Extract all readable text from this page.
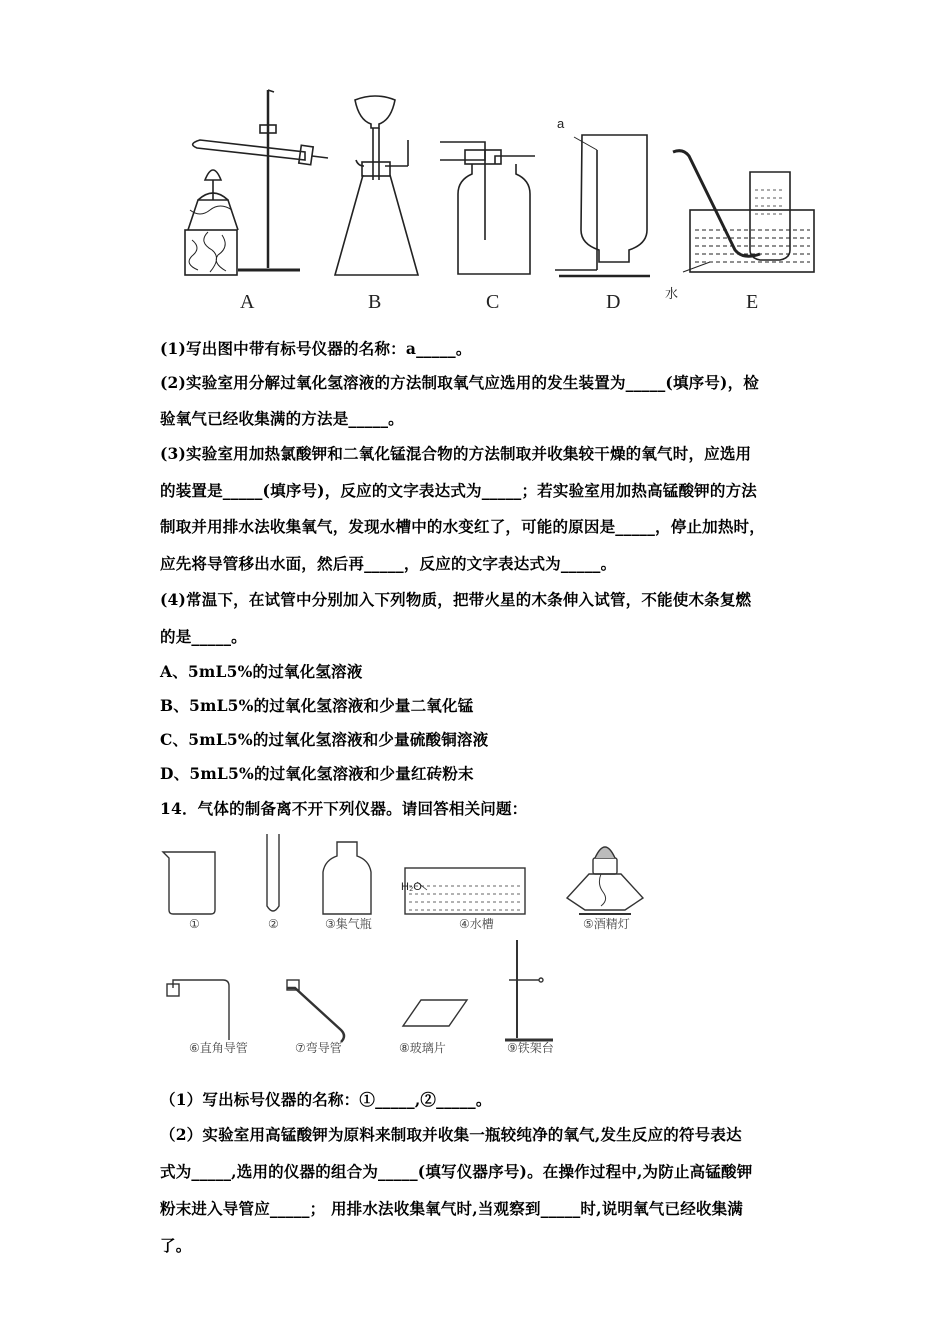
A	B	C	D	E
a
水
(1)写出图中带有标号仪器的名称：a_____。
(2)实验室用分解过氧化氢溶液的方法制取氧气应选用的发生装置为_____(填序号)，检
验氧气已经收集满的方法是_____。
(3)实验室用加热氯酸钾和二氧化锰混合物的方法制取并收集较干燥的氧气时，应选用
的装置是_____(填序号)，反应的文字表达式为_____；若实验室用加热高锰酸钾的方法
制取并用排水法收集氧气，发现水槽中的水变红了，可能的原因是_____，停止加热时，
应先将导管移出水面，然后再_____，反应的文字表达式为_____。
(4)常温下，在试管中分别加入下列物质，把带火星的木条伸入试管，不能使木条复燃
的是_____。
A、5mL5%的过氧化氢溶液
B、5mL5%的过氧化氢溶液和少量二氧化锰
C、5mL5%的过氧化氢溶液和少量硫酸铜溶液
D、5mL5%的过氧化氢溶液和少量红砖粉末
14．气体的制备离不开下列仪器。请回答相关问题：
①	②	③集气瓶
H₂O
④水槽	⑤酒精灯
⑥直角导管	⑦弯导管	⑧玻璃片	⑨铁架台
（1）写出标号仪器的名称：①_____,②_____。
（2）实验室用高锰酸钾为原料来制取并收集一瓶较纯净的氧气,发生反应的符号表达
式为_____,选用的仪器的组合为_____(填写仪器序号)。在操作过程中,为防止高锰酸钾
粉末进入导管应_____； 用排水法收集氧气时,当观察到_____时,说明氧气已经收集满
了。
